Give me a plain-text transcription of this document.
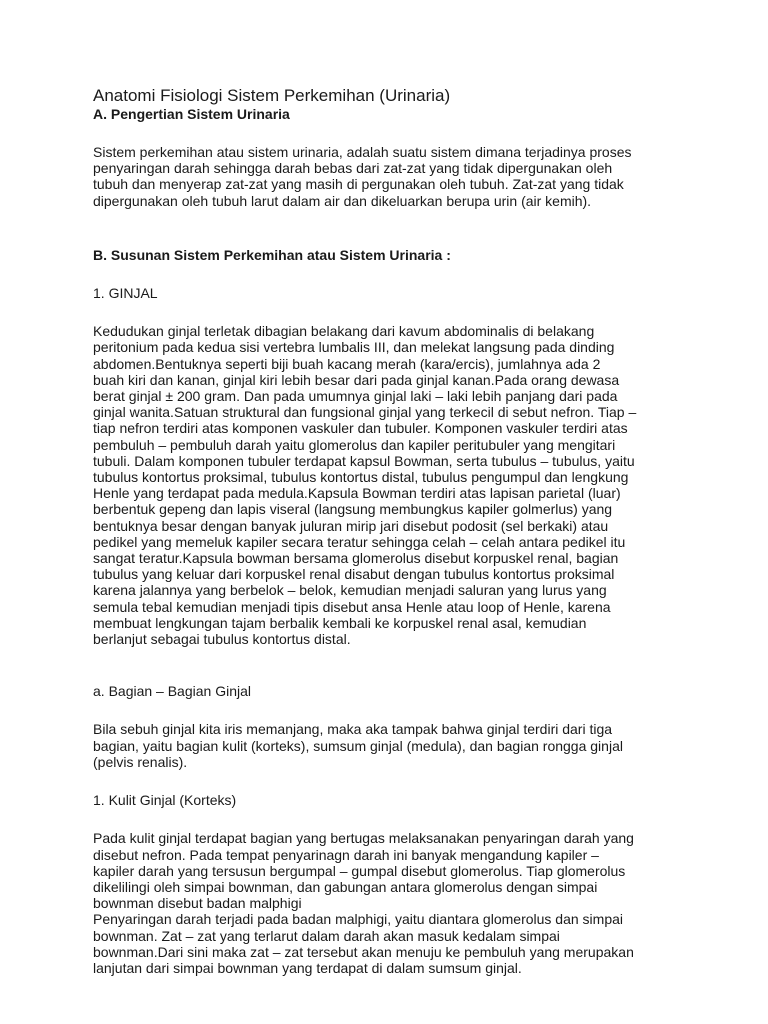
Anatomi Fisiologi Sistem Perkemihan (Urinaria)

A. Pengertian Sistem Urinaria

Sistem perkemihan atau sistem urinaria, adalah suatu sistem dimana terjadinya proses

penyaringan darah sehingga darah bebas dari zat-zat yang tidak dipergunakan oleh

tubuh dan menyerap zat-zat yang masih di pergunakan oleh tubuh. Zat-zat yang tidak

dipergunakan oleh tubuh larut dalam air dan dikeluarkan berupa urin (air kemih).

B. Susunan Sistem Perkemihan atau Sistem Urinaria :

1. GINJAL

Kedudukan ginjal terletak dibagian belakang dari kavum abdominalis di belakang

peritonium pada kedua sisi vertebra lumbalis III, dan melekat langsung pada dinding

abdomen.Bentuknya seperti biji buah kacang merah (kara/ercis), jumlahnya ada 2

buah kiri dan kanan, ginjal kiri lebih besar dari pada ginjal kanan.Pada orang dewasa

berat ginjal ± 200 gram. Dan pada umumnya ginjal laki – laki lebih panjang dari pada

ginjal wanita.Satuan struktural dan fungsional ginjal yang terkecil di sebut nefron. Tiap –

tiap nefron terdiri atas komponen vaskuler dan tubuler. Komponen vaskuler terdiri atas

pembuluh – pembuluh darah yaitu glomerolus dan kapiler peritubuler yang mengitari

tubuli. Dalam komponen tubuler terdapat kapsul Bowman, serta tubulus – tubulus, yaitu

tubulus kontortus proksimal, tubulus kontortus distal, tubulus pengumpul dan lengkung

Henle yang terdapat pada medula.Kapsula Bowman terdiri atas lapisan parietal (luar)

berbentuk gepeng dan lapis viseral (langsung membungkus kapiler golmerlus) yang

bentuknya besar dengan banyak juluran mirip jari disebut podosit (sel berkaki) atau

pedikel yang memeluk kapiler secara teratur sehingga celah – celah antara pedikel itu

sangat teratur.Kapsula bowman bersama glomerolus disebut korpuskel renal, bagian

tubulus yang keluar dari korpuskel renal disabut dengan tubulus kontortus proksimal

karena jalannya yang berbelok – belok, kemudian menjadi saluran yang lurus yang

semula tebal kemudian menjadi tipis disebut ansa Henle atau loop of Henle, karena

membuat lengkungan tajam berbalik kembali ke korpuskel renal asal, kemudian

berlanjut sebagai tubulus kontortus distal.

a. Bagian – Bagian Ginjal

Bila sebuh ginjal kita iris memanjang, maka aka tampak bahwa ginjal terdiri dari tiga

bagian, yaitu bagian kulit (korteks), sumsum ginjal (medula), dan bagian rongga ginjal

(pelvis renalis).

1. Kulit Ginjal (Korteks)

Pada kulit ginjal terdapat bagian yang bertugas melaksanakan penyaringan darah yang

disebut nefron. Pada tempat penyarinagn darah ini banyak mengandung kapiler –

kapiler darah yang tersusun bergumpal – gumpal disebut glomerolus. Tiap glomerolus

dikelilingi oleh simpai bownman, dan gabungan antara glomerolus dengan simpai

bownman disebut badan malphigi

Penyaringan darah terjadi pada badan malphigi, yaitu diantara glomerolus dan simpai

bownman. Zat – zat yang terlarut dalam darah akan masuk kedalam simpai

bownman.Dari sini maka zat – zat tersebut akan menuju ke pembuluh yang merupakan

lanjutan dari simpai bownman yang terdapat di dalam sumsum ginjal.
